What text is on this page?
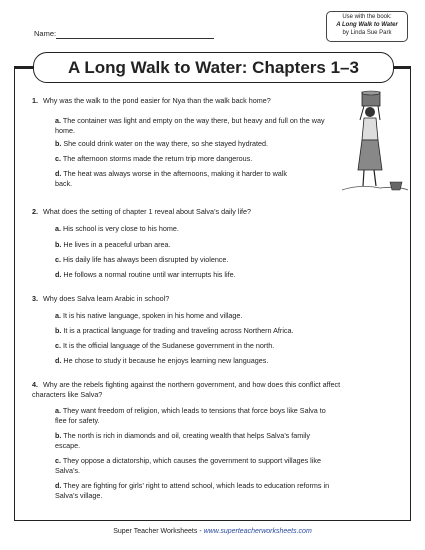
Name:
Use with the book:
A Long Walk to Water
by Linda Sue Park
A Long Walk to Water: Chapters 1–3
1. Why was the walk to the pond easier for Nya than the walk back home?
a. The container was light and empty on the way there, but heavy and full on the way home.
b. She could drink water on the way there, so she stayed hydrated.
c. The afternoon storms made the return trip more dangerous.
d. The heat was always worse in the afternoons, making it harder to walk back.
2. What does the setting of chapter 1 reveal about Salva’s daily life?
a. His school is very close to his home.
b. He lives in a peaceful urban area.
c. His daily life has always been disrupted by violence.
d. He follows a normal routine until war interrupts his life.
3. Why does Salva learn Arabic in school?
a. It is his native language, spoken in his home and village.
b. It is a practical language for trading and traveling across Northern Africa.
c. It is the official language of the Sudanese government in the north.
d. He chose to study it because he enjoys learning new languages.
4. Why are the rebels fighting against the northern government, and how does this conflict affect characters like Salva?
a. They want freedom of religion, which leads to tensions that force boys like Salva to flee for safety.
b. The north is rich in diamonds and oil, creating wealth that helps Salva’s family escape.
c. They oppose a dictatorship, which causes the government to support villages like Salva’s.
d. They are fighting for girls’ right to attend school, which leads to education reforms in Salva’s village.
Super Teacher Worksheets - www.superteacherworksheets.com
